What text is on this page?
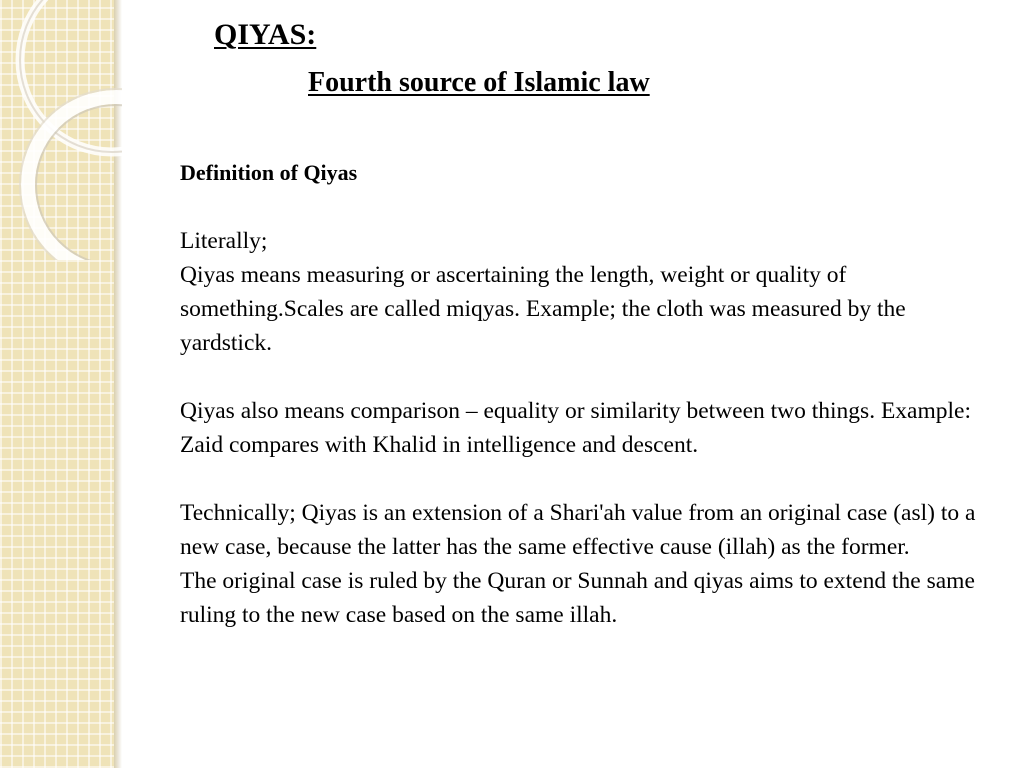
QIYAS:
Fourth source of Islamic law

Definition of Qiyas

Literally;

Qiyas means measuring or ascertaining the length, weight or quality of something.Scales are called miqyas. Example; the cloth was measured by the yardstick.

Qiyas also means comparison – equality or similarity between two things. Example: Zaid compares with Khalid in intelligence and descent.

Technically; Qiyas is an extension of a Shari'ah value from an original case (asl) to a new case, because the latter has the same effective cause (illah) as the former.

The original case is ruled by the Quran or Sunnah and qiyas aims to extend the same ruling to the new case based on the same illah.
